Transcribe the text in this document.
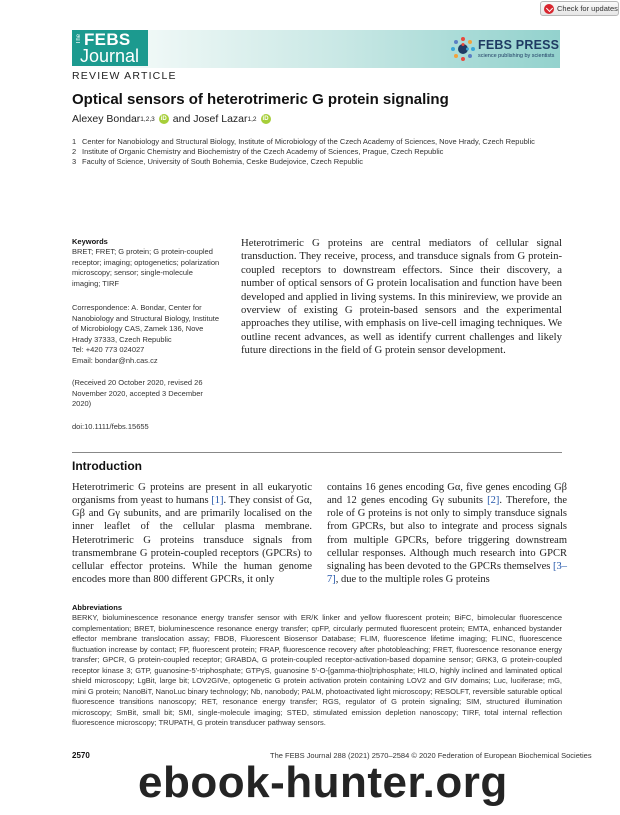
Check for updates
The FEBS
Journal
FEBS PRESS
science publishing by scientists
REVIEW ARTICLE
Optical sensors of heterotrimeric G protein signaling
Alexey Bondar 1,2,3	iD and
Josef Lazar 1,2	iD
1 Center for Nanobiology and Structural Biology, Institute of Microbiology of the Czech Academy of Sciences, Nove Hrady, Czech Republic
2 Institute of Organic Chemistry and Biochemistry of the Czech Academy of Sciences, Prague, Czech Republic
3 Faculty of Science, University of South Bohemia, Ceske Budejovice, Czech Republic
Keywords
BRET; FRET; G protein; G protein-coupled receptor; imaging; optogenetics; polarization microscopy; sensor; single-molecule imaging; TIRF
Correspondence: A. Bondar, Center for Nanobiology and Structural Biology, Institute of Microbiology CAS, Zamek 136, Nove Hrady 37333, Czech Republic
Tel: +420 773 024027
Email: bondar@nh.cas.cz
(Received 20 October 2020, revised 26 November 2020, accepted 3 December 2020)
doi:10.1111/febs.15655
Heterotrimeric G proteins are central mediators of cellular signal transduction. They receive, process, and transduce signals from G protein-coupled receptors to downstream effectors. Since their discovery, a number of optical sensors of G protein localisation and function have been developed and applied in living systems. In this minireview, we provide an overview of existing G protein-based sensors and the experimental approaches they utilise, with emphasis on live-cell imaging techniques. We outline recent advances, as well as identify current challenges and likely future directions in the field of G protein sensor development.
Introduction
Heterotrimeric G proteins are present in all eukaryotic organisms from yeast to humans [1]. They consist of Gα, Gβ and Gγ subunits, and are primarily localised on the inner leaflet of the cellular plasma membrane. Heterotrimeric G proteins transduce signals from transmembrane G protein-coupled receptors (GPCRs) to cellular effector proteins. While the human genome encodes more than 800 different GPCRs, it only
contains 16 genes encoding Gα, five genes encoding Gβ and 12 genes encoding Gγ subunits [2]. Therefore, the role of G proteins is not only to simply transduce signals from GPCRs, but also to integrate and process signals from multiple GPCRs, before triggering downstream cellular responses. Although much research into GPCR signaling has been devoted to the GPCRs themselves [3–7], due to the multiple roles G proteins
Abbreviations
BERKY, bioluminescence resonance energy transfer sensor with ER/K linker and yellow fluorescent protein; BiFC, bimolecular fluorescence complementation; BRET, bioluminescence resonance energy transfer; cpFP, circularly permuted fluorescent protein; EMTA, enhanced bystander effector membrane translocation assay; FBDB, Fluorescent Biosensor Database; FLIM, fluorescence lifetime imaging; FLINC, fluorescence fluctuation increase by contact; FP, fluorescent protein; FRAP, fluorescence recovery after photobleaching; FRET, fluorescence resonance energy transfer; GPCR, G protein-coupled receptor; GRABDA, G protein-coupled receptor-activation-based dopamine sensor; GRK3, G protein-coupled receptor kinase 3; GTP, guanosine-5'-triphosphate; GTPγS, guanosine 5'-O-[gamma-thio]triphosphate; HILO, highly inclined and laminated optical shield microscopy; LgBit, large bit; LOV2GIVe, optogenetic G protein activation protein containing LOV2 and GIV domains; Luc, luciferase; mG, mini G protein; NanoBiT, NanoLuc binary technology; Nb, nanobody; PALM, photoactivated light microscopy; RESOLFT, reversible saturable optical fluorescence transitions nanoscopy; RET, resonance energy transfer; RGS, regulator of G protein signaling; SIM, structured illumination microscopy; SmBit, small bit; SMI, single-molecule imaging; STED, stimulated emission depletion nanoscopy; TIRF, total internal reflection fluorescence microscopy; TRUPATH, G protein transducer pathway sensors.
2570	The FEBS Journal 288 (2021) 2570–2584 © 2020 Federation of European Biochemical Societies
ebook-hunter.org
